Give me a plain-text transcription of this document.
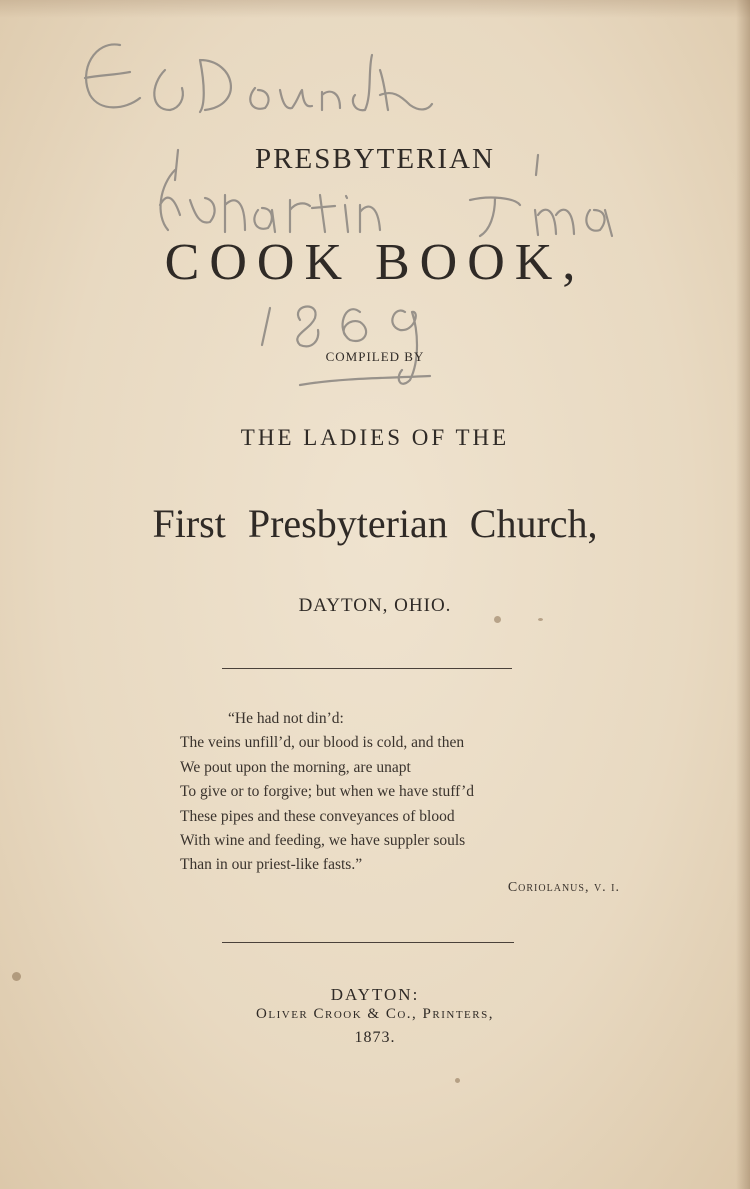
PRESBYTERIAN
COOK BOOK,
COMPILED BY
THE LADIES OF THE
First Presbyterian Church,
DAYTON, OHIO.
“He had not din’d:
The veins unfill’d, our blood is cold, and then
We pout upon the morning, are unapt
To give or to forgive; but when we have stuff’d
These pipes and these conveyances of blood
With wine and feeding, we have suppler souls
Than in our priest-like fasts.”
Coriolanus, v. i.
DAYTON:
Oliver Crook & Co., Printers,
1873.
